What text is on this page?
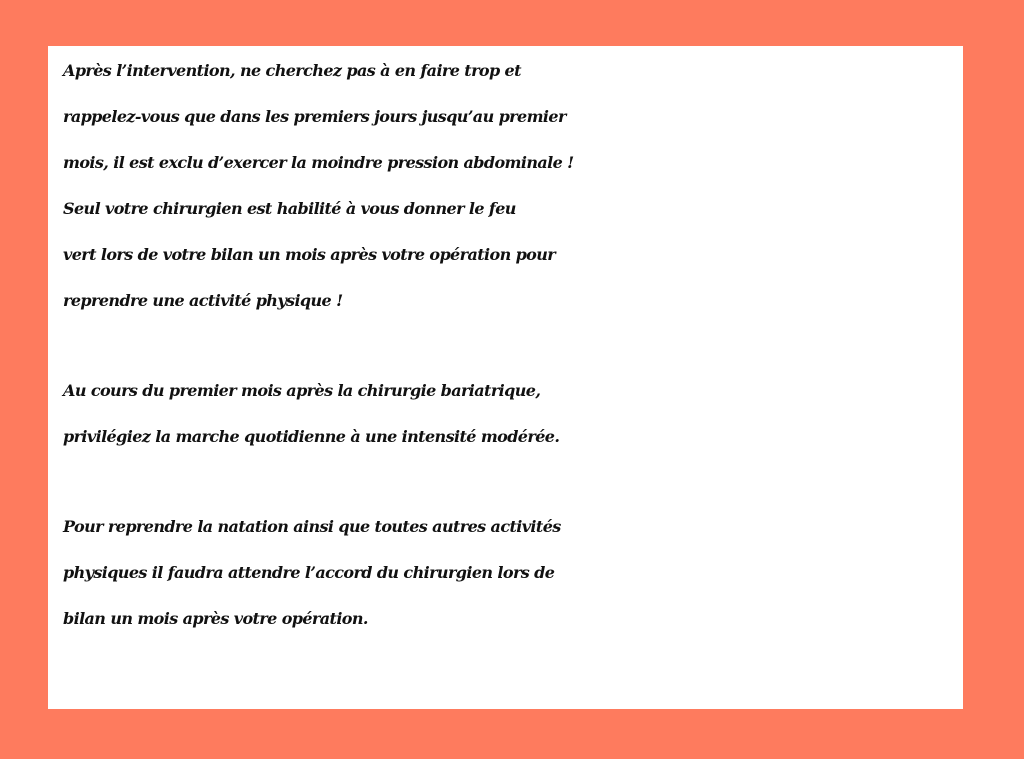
Après l’intervention, ne cherchez pas à en faire trop et
rappelez-vous que dans les premiers jours jusqu’au premier
mois, il est exclu d’exercer la moindre pression abdominale !
Seul votre chirurgien est habilité à vous donner le feu
vert lors de votre bilan un mois après votre opération pour
reprendre une activité physique !
Au cours du premier mois après la chirurgie bariatrique,
privilégiez la marche quotidienne à une intensité modérée.
Pour reprendre la natation ainsi que toutes autres activités
physiques il faudra attendre l’accord du chirurgien lors de
bilan un mois après votre opération.
